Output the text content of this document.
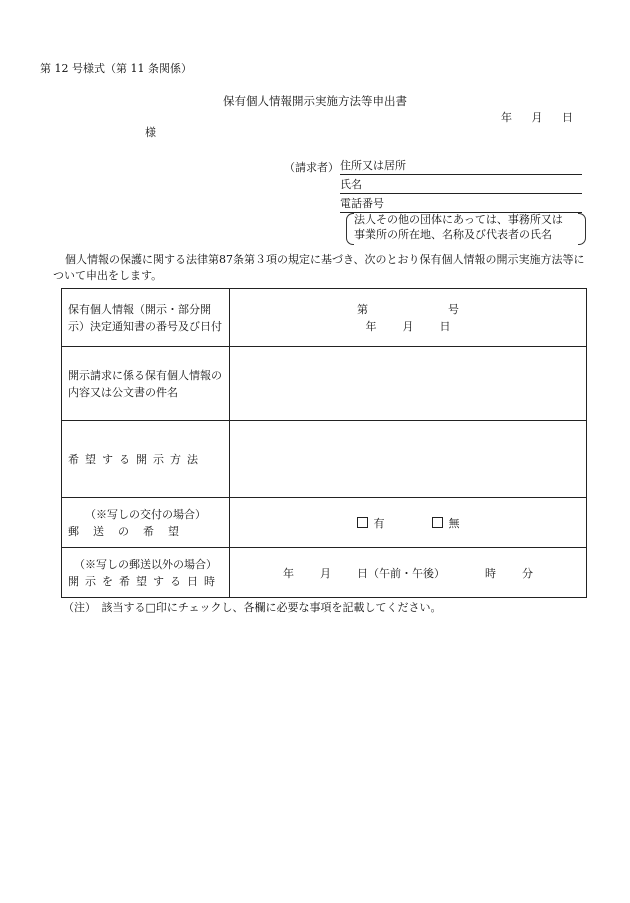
第 12 号様式（第 11 条関係）
保有個人情報開示実施方法等申出書
年 月 日
様
（請求者） 住所又は居所
氏名
電話番号
法人その他の団体にあっては、事務所又は
事業所の所在地、名称及び代表者の氏名
個人情報の保護に関する法律第87条第３項の規定に基づき、次のとおり保有個人情報の開示実施方法等について申出をします。
保有個人情報（開示・部分開示）決定通知書の番号及び日付	第 号
年 月 日

開示請求に係る保有個人情報の内容又は公文書の件名	
希望する開示方法	

（※写しの交付の場合）
郵送の希望	有 無

（※写しの郵送以外の場合）
開示を希望する日時	年 月 日（午前・午後） 時 分
（注）　該当する□印にチェックし、各欄に必要な事項を記載してください。
